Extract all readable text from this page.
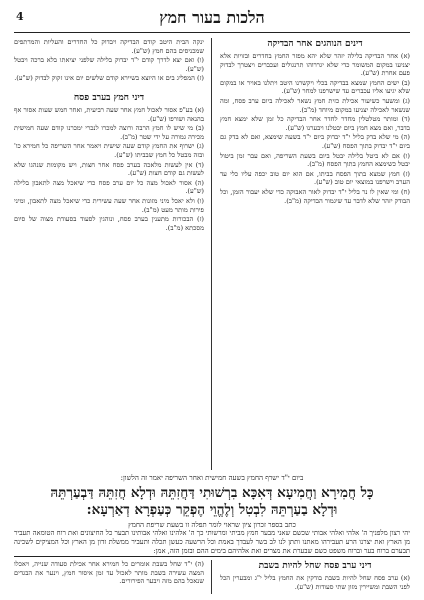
4	הלכות בעור חמץ
דינים הנוהגים אחר הבדיקה
(א) אחר הבדיקה בלילה יזהר שלא יהא מפזר החמץ בחדרים ובזויות אלא יצניעו במקום המשומר כדי שלא יגררוהו תרנגולים ועכברים ויצטרך לבדוק פעם אחרת (ש"ע).
(ב) ישים החמץ שמצא בבדיקה בכלי ויקשרנו היטב ויתלנו באויר או במקום שלא יגיעו אליו עכברים עד שישרפנו למחר (ש"ע).
(ג) ומשער כשיעור אכילת כזית חמץ נשאר לאכילה ביום ערב פסח, ומה שנשאר לאכילה יצניעו במקום מיוחד (מ"ב).
(ד) ומותר מטלטלין מחדר לחדר אחר הבדיקה כל זמן שלא ימצא חמץ בדבר, ואם מצא חמץ ביום יבטלנו ויבערנו (ש"ע).
(ה) מי שלא בדק בליל י"ד יבדוק ביום י"ד בשעה שימצא, ואם לא בדק גם ביום י"ד יבדוק בתוך הפסח (ש"ע).
(ו) אם לא ביטל בלילה יבטל ביום בשעת השריפה, ואם עבר זמן ביטול יבטל כשימצא החמץ בתוך הפסח (מ"ב).
(ז) חמץ שמצא בתוך הפסח בביתו, אם הוא יום טוב יכפה עליו כלי עד הערב וישרפנו במוצאי יום טוב (ש"ע).
(ח) ומי שאין לו נר בליל י"ד יבדוק לאור האבוקה כדי שלא יעבור הזמן, וכל הבודק יזהר שלא לדבר עד שיגמור הבדיקה (מ"ב).
ינקה הבית היטב קודם הבדיקה ויבדוק כל החדרים והעליות והמרתפים שמכניסים בהם חמץ (ש"ע).
(ו) ואם יצא לדרך קודם י"ד יבדוק בלילה שלפני יציאתו בלא ברכה ויבטל (ש"ע).
(ז) המפליג בים או היוצא בשיירא קודם שלשים יום אינו זקוק לבדוק (ש"ע).
דיני חמץ בערב פסח
(א) בע"פ אסור לאכול חמץ אחר שעה רביעית, ואחר חמש שעות אסור אף בהנאה ושורפו (ש"ע).
(ב) מי שיש לו חמץ הרבה ורוצה למכרו לנכרי ימכרנו קודם שעה חמישית מכירה גמורה על ידי שטר (מ"ב).
(ג) ישרוף את החמץ קודם שעה שישית ויאמר אחר השריפה כל חמירא כו' ובזה מבטל כל חמץ שבביתו (ש"ע).
(ד) אין לעשות מלאכה בערב פסח אחר חצות, ויש מקומות שנהגו שלא לעשות גם קודם חצות (ש"ע).
(ה) אסור לאכול מצה כל יום ערב פסח כדי שיאכל מצה לתאבון בלילה (ש"ע).
(ו) ולא יאכל מיני מזונות אחר שעה עשירית כדי שיאכל מצה לתאבון, ומיני פירות מותר מעט (מ"ב).
(ז) הבכורות מתענין בערב פסח, ונוהגין לסעוד בסעודת מצוה של סיום מסכתא (מ"ב).
ביום י"ד ישרף החמץ בשעה חמישית ואחר השריפה יאמר זה הלשון:
כָּל חֲמִירָא וַחֲמִיעָא דְּאִכָּא בִרְשׁוּתִי דַּחֲזִתֵּהּ וּדְלָא חֲזִתֵּהּ דַּבְעַרְתֵּהּ
וּדְלָא בַעַרְתֵּהּ לִבְטִל וְלֶהֱוֵי הֶפְקֵר כְּעַפְרָא דְאַרְעָא:
כתב בספר זכרון ציון שראוי לומר תפלה זו בשעת שריפת החמץ
יהי רצון מלפניך ה' אלהי ואלהי אבותי שכשם שאני מבער חמץ מביתי ומרשותי כך ה' אלהינו ואלהי אבותינו תבער כל החיצונים ואת רוח הטומאה תעביר מן הארץ ואת יצרנו הרע תעבירהו מאתנו ותתן לנו לב בשר לעבדך באמת וכל הרשעה כעשן תכלה ותעביר ממשלת זדון מן הארץ וכל המציקים לשכינה תבערם ברוח בער וברוח משפט כשם שבערת את מצרים ואת אלהיהם בימים ההם ובזמן הזה, אמן:
דיני ערב פסח שחל להיות בשבת
(א) ערב פסח שחל להיות בשבת בודקין את החמץ בליל י"ג ומבערין הכל לפני השבת ומשיירין מזון שתי סעודות (ש"ע).
(ה) י"ד שחל בשבת אומרים כל חמירא אחר אכילת סעודה שנייה, ויאכלו המצה עשירה בשבת מותר לאכול עד זמן איסור חמץ, וינער את הבגדים שנאכל בהם מזה ויבער הפירורים.
